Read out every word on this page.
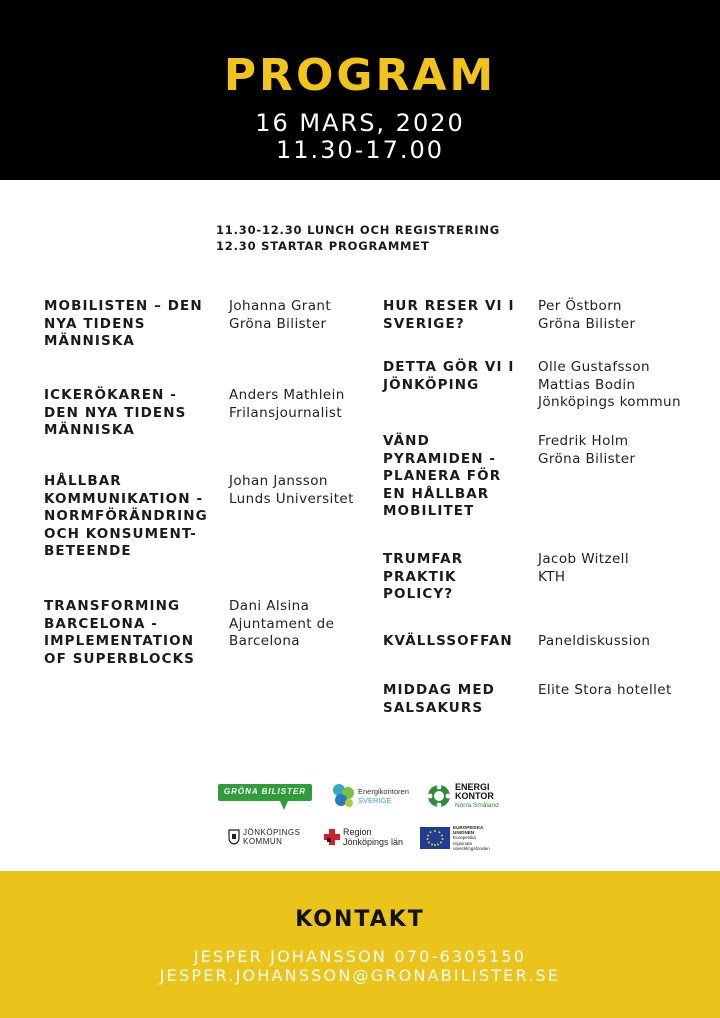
PROGRAM
16 MARS, 2020
11.30-17.00
11.30-12.30 LUNCH OCH REGISTRERING
12.30 STARTAR PROGRAMMET
MOBILISTEN – DEN
NYA TIDENS
MÄNNISKA
Johanna Grant
Gröna Bilister
ICKERÖKAREN -
DEN NYA TIDENS
MÄNNISKA
Anders Mathlein
Frilansjournalist
HÅLLBAR
KOMMUNIKATION -
NORMFÖRÄNDRING
OCH KONSUMENT-
BETEENDE
Johan Jansson
Lunds Universitet
TRANSFORMING
BARCELONA -
IMPLEMENTATION
OF SUPERBLOCKS
Dani Alsina
Ajuntament de
Barcelona
HUR RESER VI I
SVERIGE?
Per Östborn
Gröna Bilister
DETTA GÖR VI I
JÖNKÖPING
Olle Gustafsson
Mattias Bodin
Jönköpings kommun
VÄND
PYRAMIDEN -
PLANERA FÖR
EN HÅLLBAR
MOBILITET
Fredrik Holm
Gröna Bilister
TRUMFAR
PRAKTIK
POLICY?
Jacob Witzell
KTH
KVÄLLSSOFFAN Paneldiskussion
MIDDAG MED
SALSAKURS
Elite Stora hotellet
GRÖNA BILISTER	Energikontoren
SVERIGE
ENERGI
KONTOR
Norra Småland
JÖNKÖPINGS
KOMMUN
Region
Jönköpings län
EUROPEISKA
UNIONEN
Europeiska
regionala
utvecklingsfonden
KONTAKT
JESPER JOHANSSON 070-6305150
JESPER.JOHANSSON@GRONABILISTER.SE
